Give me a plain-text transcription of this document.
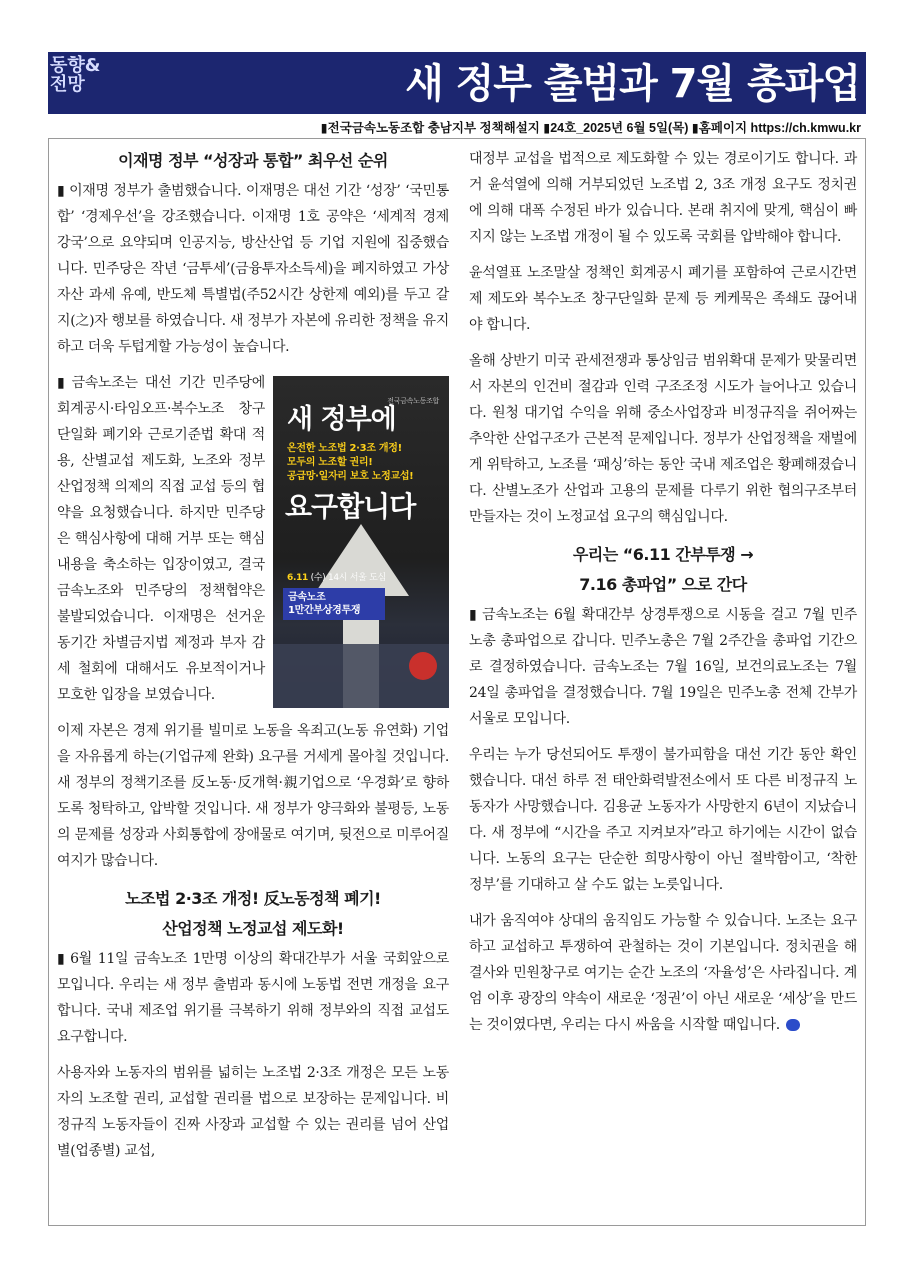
동향&
전망	새 정부 출범과 7월 총파업
▮전국금속노동조합 충남지부 정책해설지 ▮24호_2025년 6월 5일(목) ▮홈페이지 https://ch.kmwu.kr
이재명 정부 “성장과 통합” 최우선 순위

▮ 이재명 정부가 출범했습니다. 이재명은 대선 기간 ‘성장’ ‘국민통합’ ‘경제우선’을 강조했습니다. 이재명 1호 공약은 ‘세계적 경제 강국’으로 요약되며 인공지능, 방산산업 등 기업 지원에 집중했습니다. 민주당은 작년 ‘금투세’(금융투자소득세)을 폐지하였고 가상자산 과세 유예, 반도체 특별법(주52시간 상한제 예외)를 두고 갈지(之)자 행보를 하였습니다. 새 정부가 자본에 유리한 정책을 유지하고 더욱 두텁게할 가능성이 높습니다.

전국금속노동조합
새 정부에
온전한 노조법 2·3조 개정!
모두의 노조할 권리!
공급망·일자리 보호 노정교섭!
요구합니다
6.11 (수) 14시 서울 도심
금속노조
1만간부상경투쟁

▮ 금속노조는 대선 기간 민주당에 회계공시·타임오프·복수노조 창구단일화 폐기와 근로기준법 확대 적용, 산별교섭 제도화, 노조와 정부 산업정책 의제의 직접 교섭 등의 협약을 요청했습니다. 하지만 민주당은 핵심사항에 대해 거부 또는 핵심내용을 축소하는 입장이였고, 결국 금속노조와 민주당의 정책협약은 불발되었습니다. 이재명은 선거운동기간 차별금지법 제정과 부자 감세 철회에 대해서도 유보적이거나 모호한 입장을 보였습니다.

이제 자본은 경제 위기를 빌미로 노동을 옥죄고(노동 유연화) 기업을 자유롭게 하는(기업규제 완화) 요구를 거세게 몰아칠 것입니다. 새 정부의 정책기조를 反노동·反개혁·親기업으로 ‘우경화’로 향하도록 청탁하고, 압박할 것입니다. 새 정부가 양극화와 불평등, 노동의 문제를 성장과 사회통합에 장애물로 여기며, 뒷전으로 미루어질 여지가 많습니다.

노조법 2·3조 개정! 反노동정책 폐기!
산업정책 노정교섭 제도화!

▮ 6월 11일 금속노조 1만명 이상의 확대간부가 서울 국회앞으로 모입니다. 우리는 새 정부 출범과 동시에 노동법 전면 개정을 요구합니다. 국내 제조업 위기를 극복하기 위해 정부와의 직접 교섭도 요구합니다.

사용자와 노동자의 범위를 넓히는 노조법 2·3조 개정은 모든 노동자의 노조할 권리, 교섭할 권리를 법으로 보장하는 문제입니다. 비정규직 노동자들이 진짜 사장과 교섭할 수 있는 권리를 넘어 산업별(업종별) 교섭,

대정부 교섭을 법적으로 제도화할 수 있는 경로이기도 합니다. 과거 윤석열에 의해 거부되었던 노조법 2, 3조 개정 요구도 정치권에 의해 대폭 수정된 바가 있습니다. 본래 취지에 맞게, 핵심이 빠지지 않는 노조법 개정이 될 수 있도록 국회를 압박해야 합니다.

윤석열표 노조말살 정책인 회계공시 폐기를 포함하여 근로시간면제 제도와 복수노조 창구단일화 문제 등 케케묵은 족쇄도 끊어내야 합니다.

올해 상반기 미국 관세전쟁과 통상임금 범위확대 문제가 맞물리면서 자본의 인건비 절감과 인력 구조조정 시도가 늘어나고 있습니다. 원청 대기업 수익을 위해 중소사업장과 비정규직을 쥐어짜는 추악한 산업구조가 근본적 문제입니다. 정부가 산업정책을 재벌에게 위탁하고, 노조를 ‘패싱’하는 동안 국내 제조업은 황폐해졌습니다. 산별노조가 산업과 고용의 문제를 다루기 위한 협의구조부터 만들자는 것이 노정교섭 요구의 핵심입니다.

우리는 “6.11 간부투쟁 →
7.16 총파업” 으로 간다

▮ 금속노조는 6월 확대간부 상경투쟁으로 시동을 걸고 7월 민주노총 총파업으로 갑니다. 민주노총은 7월 2주간을 총파업 기간으로 결정하였습니다. 금속노조는 7월 16일, 보건의료노조는 7월 24일 총파업을 결정했습니다. 7월 19일은 민주노총 전체 간부가 서울로 모입니다.

우리는 누가 당선되어도 투쟁이 불가피함을 대선 기간 동안 확인했습니다. 대선 하루 전 태안화력발전소에서 또 다른 비정규직 노동자가 사망했습니다. 김용균 노동자가 사망한지 6년이 지났습니다. 새 정부에 “시간을 주고 지켜보자”라고 하기에는 시간이 없습니다. 노동의 요구는 단순한 희망사항이 아닌 절박함이고, ‘착한 정부’를 기대하고 살 수도 없는 노릇입니다.

내가 움직여야 상대의 움직임도 가능할 수 있습니다. 노조는 요구하고 교섭하고 투쟁하여 관철하는 것이 기본입니다. 정치권을 해결사와 민원창구로 여기는 순간 노조의 ‘자율성’은 사라집니다. 계엄 이후 광장의 약속이 새로운 ‘정권’이 아닌 새로운 ‘세상’을 만드는 것이였다면, 우리는 다시 싸움을 시작할 때입니다.
